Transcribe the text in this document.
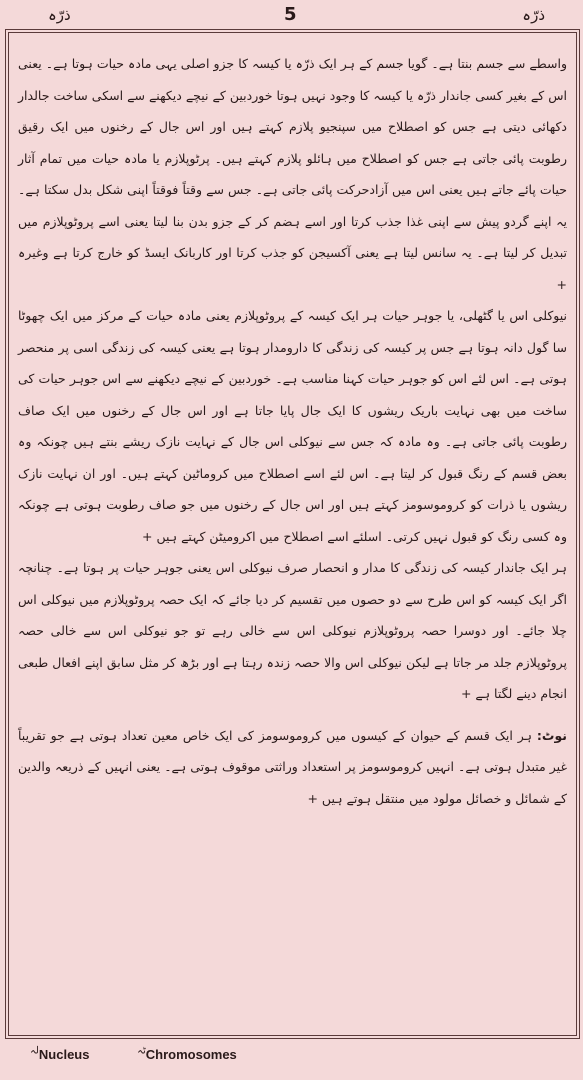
ذرّہ	5	ذرّہ

واسطے سے جسم بنتا ہے۔ گویا جسم کے ہر ایک ذرّہ یا کیسہ کا جزو اصلی یہی مادہ حیات ہوتا ہے۔ یعنی اس کے بغیر کسی جاندار ذرّہ یا کیسہ کا وجود نہیں ہوتا خوردبین کے نیچے دیکھنے سے اسکی ساخت جالدار دکھائی دیتی ہے جس کو اصطلاح میں سپنجیو پلازم کہتے ہیں اور اس جال کے رخنوں میں ایک رقیق رطوبت پائی جاتی ہے جس کو اصطلاح میں ہائلو پلازم کہتے ہیں۔ پرٹوپلازم یا مادہ حیات میں تمام آثار حیات پائے جاتے ہیں یعنی اس میں آزادحرکت پائی جاتی ہے۔ جس سے وقتاً فوقتاً اپنی شکل بدل سکتا ہے۔ یہ اپنے گردو پیش سے اپنی غذا جذب کرتا اور اسے ہضم کر کے جزو بدن بنا لیتا یعنی اسے پروٹوپلازم میں تبدیل کر لیتا ہے۔ یہ سانس لیتا ہے یعنی آکسیجن کو جذب کرتا اور کاربانک ایسڈ کو خارج کرتا ہے وغیرہ +

نیوکلی اس یا گٹھلی، یا جوہر حیات ہر ایک کیسہ کے پروٹوپلازم یعنی مادہ حیات کے مرکز میں ایک چھوٹا سا گول دانہ ہوتا ہے جس پر کیسہ کی زندگی کا دارومدار ہوتا ہے یعنی کیسہ کی زندگی اسی پر منحصر ہوتی ہے۔ اس لئے اس کو جوہر حیات کہنا مناسب ہے۔ خوردبین کے نیچے دیکھنے سے اس جوہر حیات کی ساخت میں بھی نہایت باریک ریشوں کا ایک جال پایا جاتا ہے اور اس جال کے رخنوں میں ایک صاف رطوبت پائی جاتی ہے۔ وہ مادہ کہ جس سے نیوکلی اس جال کے نہایت نازک ریشے بنتے ہیں چونکہ وہ بعض قسم کے رنگ قبول کر لیتا ہے۔ اس لئے اسے اصطلاح میں کروماٹین کہتے ہیں۔ اور ان نہایت نازک ریشوں یا ذرات کو کروموسومز کہتے ہیں اور اس جال کے رخنوں میں جو صاف رطوبت ہوتی ہے چونکہ وہ کسی رنگ کو قبول نہیں کرتی۔ اسلئے اسے اصطلاح میں اکرومیٹن کہتے ہیں +

ہر ایک جاندار کیسہ کی زندگی کا مدار و انحصار صرف نیوکلی اس یعنی جوہر حیات پر ہوتا ہے۔ چنانچہ اگر ایک کیسہ کو اس طرح سے دو حصوں میں تقسیم کر دیا جائے کہ ایک حصہ پروٹوپلازم میں نیوکلی اس چلا جائے۔ اور دوسرا حصہ پروٹوپلازم نیوکلی اس سے خالی رہے تو جو نیوکلی اس سے خالی حصہ پروٹوپلازم جلد مر جاتا ہے لیکن نیوکلی اس والا حصہ زندہ رہتا ہے اور بڑھ کر مثل سابق اپنے افعال طبعی انجام دینے لگتا ہے +

نوٹ: ہر ایک قسم کے حیوان کے کیسوں میں کروموسومز کی ایک خاص معین تعداد ہوتی ہے جو تقریباً غیر متبدل ہوتی ہے۔ انہیں کروموسومز پر استعداد وراثتی موقوف ہوتی ہے۔ یعنی انہیں کے ذریعہ والدین کے شمائل و خصائل مولود میں منتقل ہوتے ہیں +

$^{لہ}$Nucleus	$^{ٹہ}$Chromosomes
